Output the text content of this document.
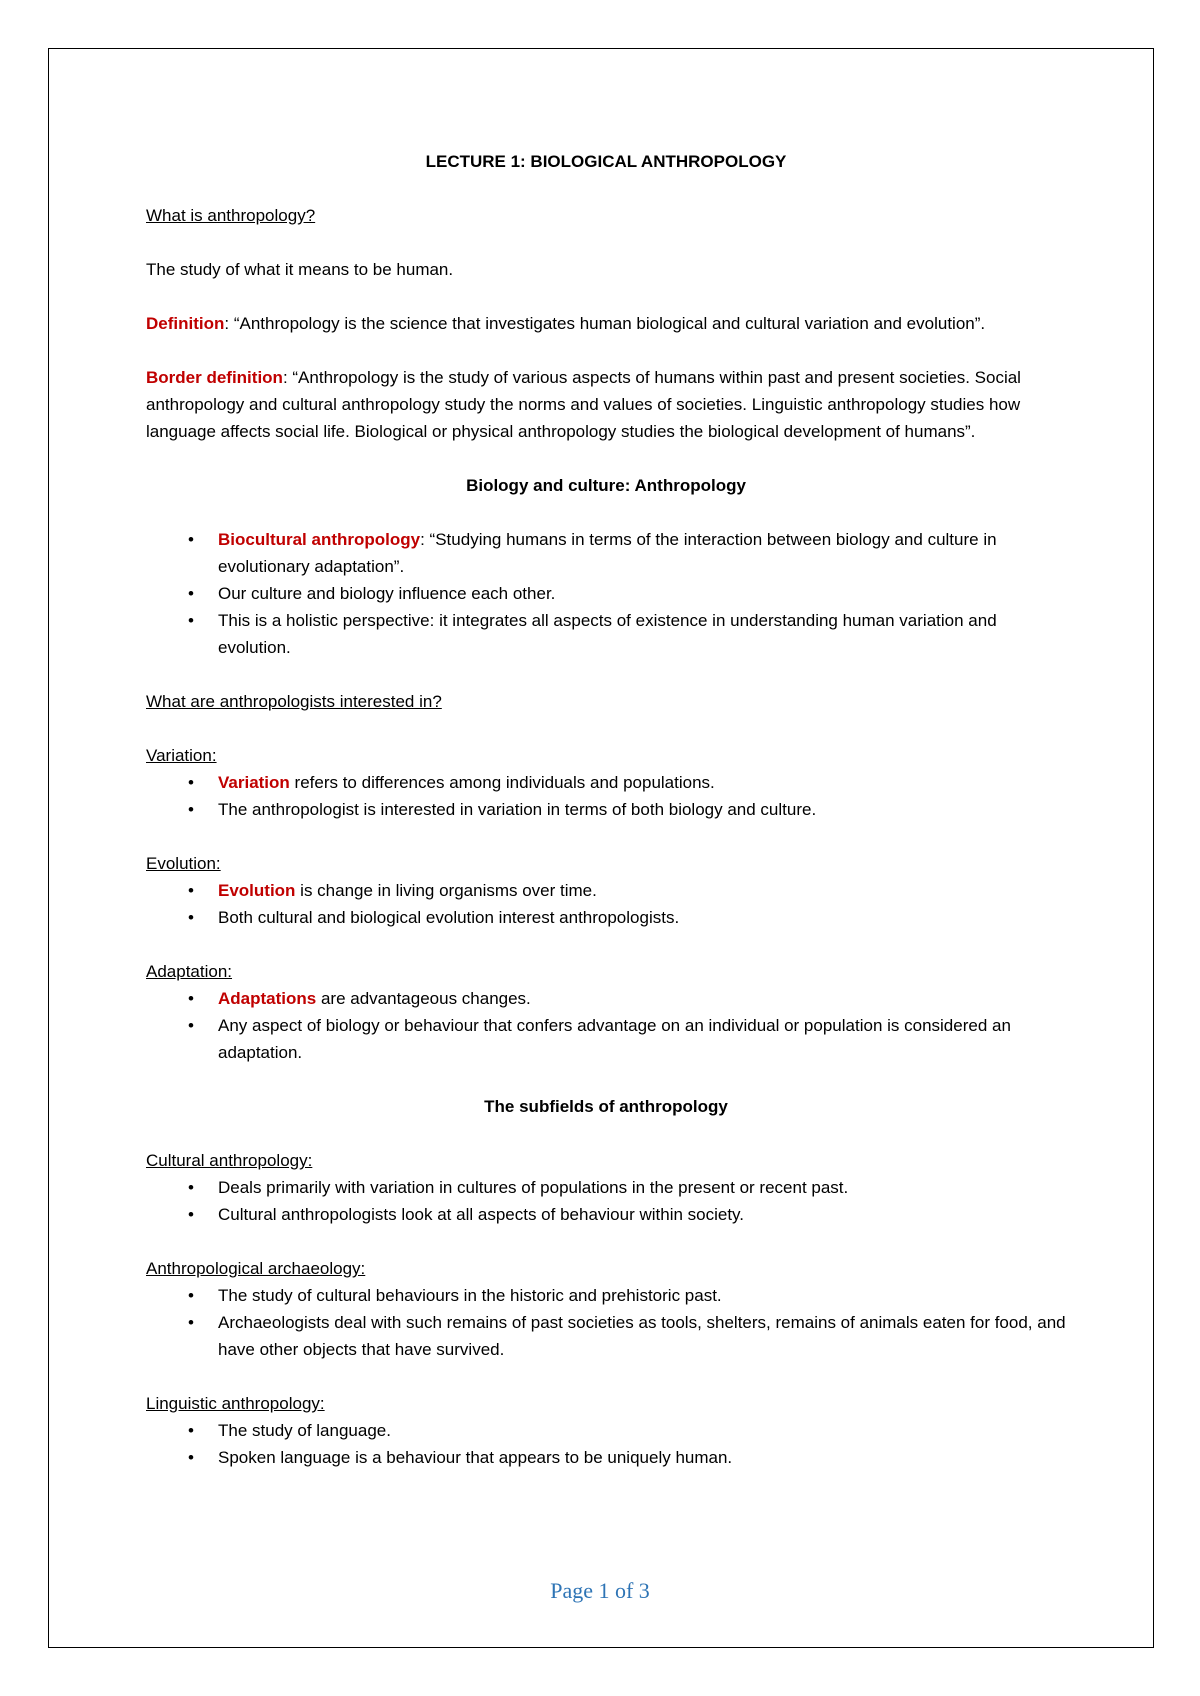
LECTURE 1: BIOLOGICAL ANTHROPOLOGY

What is anthropology?

The study of what it means to be human.

Definition: “Anthropology is the science that investigates human biological and cultural variation and evolution”.

Border definition: “Anthropology is the study of various aspects of humans within past and present societies. Social anthropology and cultural anthropology study the norms and values of societies. Linguistic anthropology studies how language affects social life. Biological or physical anthropology studies the biological development of humans”.

Biology and culture: Anthropology

• Biocultural anthropology: “Studying humans in terms of the interaction between biology and culture in evolutionary adaptation”.
• Our culture and biology influence each other.
• This is a holistic perspective: it integrates all aspects of existence in understanding human variation and evolution.

What are anthropologists interested in?

Variation:

• Variation refers to differences among individuals and populations.
• The anthropologist is interested in variation in terms of both biology and culture.

Evolution:

• Evolution is change in living organisms over time.
• Both cultural and biological evolution interest anthropologists.

Adaptation:

• Adaptations are advantageous changes.
• Any aspect of biology or behaviour that confers advantage on an individual or population is considered an adaptation.

The subfields of anthropology

Cultural anthropology:

• Deals primarily with variation in cultures of populations in the present or recent past.
• Cultural anthropologists look at all aspects of behaviour within society.

Anthropological archaeology:

• The study of cultural behaviours in the historic and prehistoric past.
• Archaeologists deal with such remains of past societies as tools, shelters, remains of animals eaten for food, and have other objects that have survived.

Linguistic anthropology:

• The study of language.
• Spoken language is a behaviour that appears to be uniquely human.
Page 1 of 3
